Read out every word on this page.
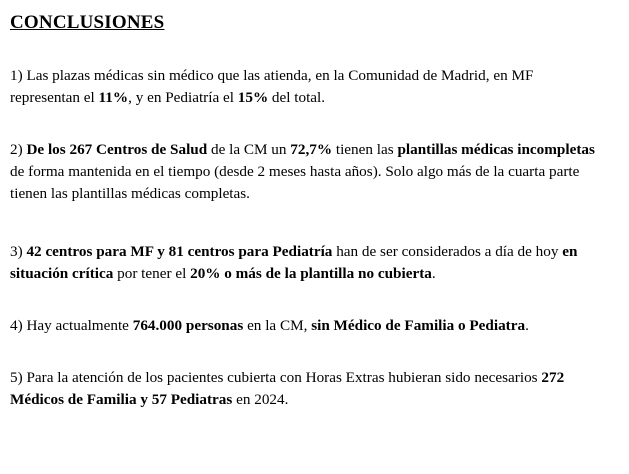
CONCLUSIONES

1) Las plazas médicas sin médico que las atienda, en la Comunidad de Madrid, en MF representan el 11%, y en Pediatría el 15% del total.

2) De los 267 Centros de Salud de la CM un 72,7% tienen las plantillas médicas incompletas de forma mantenida en el tiempo (desde 2 meses hasta años). Solo algo más de la cuarta parte tienen las plantillas médicas completas.

3) 42 centros para MF y 81 centros para Pediatría han de ser considerados a día de hoy en situación crítica por tener el 20% o más de la plantilla no cubierta.

4) Hay actualmente 764.000 personas en la CM, sin Médico de Familia o Pediatra.

5) Para la atención de los pacientes cubierta con Horas Extras hubieran sido necesarios 272 Médicos de Familia y 57 Pediatras en 2024.
